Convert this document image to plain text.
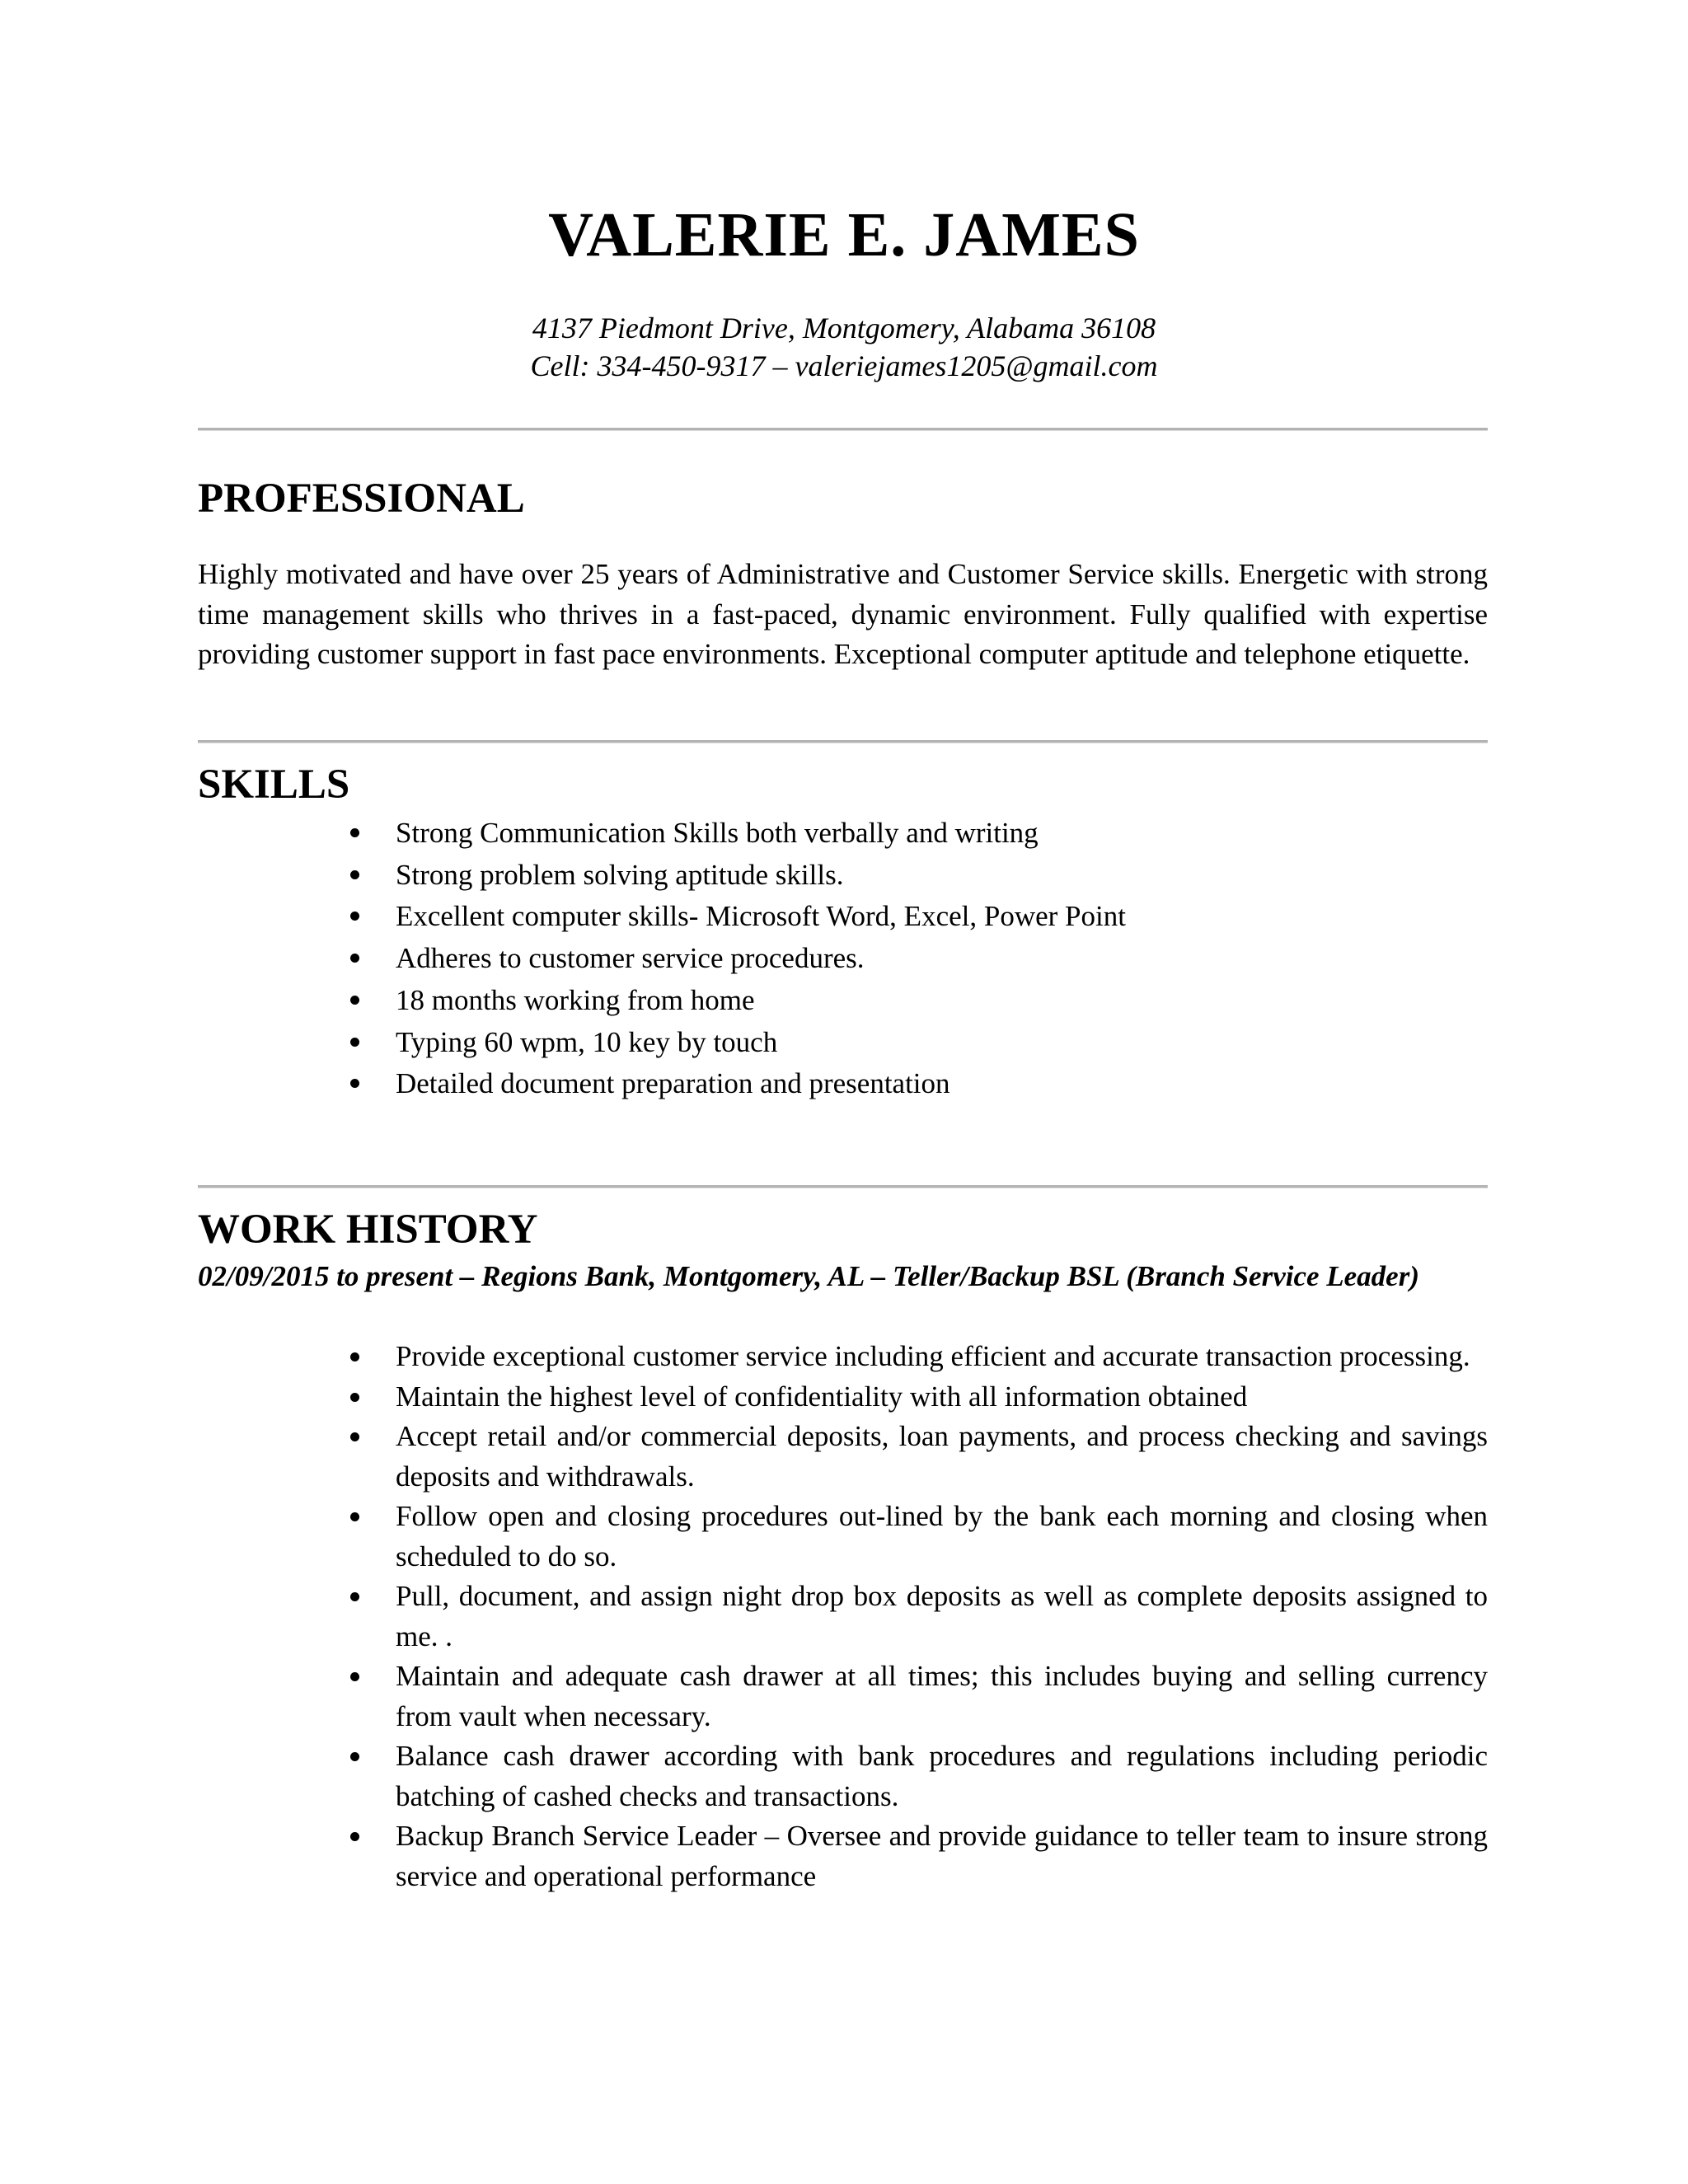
VALERIE E. JAMES
4137 Piedmont Drive, Montgomery, Alabama 36108
Cell: 334-450-9317 – valeriejames1205@gmail.com
PROFESSIONAL
Highly motivated and have over 25 years of Administrative and Customer Service skills. Energetic with strong time management skills who thrives in a fast-paced, dynamic environment. Fully qualified with expertise providing customer support in fast pace environments. Exceptional computer aptitude and telephone etiquette.
SKILLS
Strong Communication Skills both verbally and writing
Strong problem solving aptitude skills.
Excellent computer skills- Microsoft Word, Excel, Power Point
Adheres to customer service procedures.
18 months working from home
Typing 60 wpm, 10 key by touch
Detailed document preparation and presentation
WORK HISTORY
02/09/2015 to present – Regions Bank, Montgomery, AL – Teller/Backup BSL (Branch Service Leader)
Provide exceptional customer service including efficient and accurate transaction processing.
Maintain the highest level of confidentiality with all information obtained
Accept retail and/or commercial deposits, loan payments, and process checking and savings deposits and withdrawals.
Follow open and closing procedures out-lined by the bank each morning and closing when scheduled to do so.
Pull, document, and assign night drop box deposits as well as complete deposits assigned to me. .
Maintain and adequate cash drawer at all times; this includes buying and selling currency from vault when necessary.
Balance cash drawer according with bank procedures and regulations including periodic batching of cashed checks and transactions.
Backup Branch Service Leader – Oversee and provide guidance to teller team to insure strong service and operational performance
